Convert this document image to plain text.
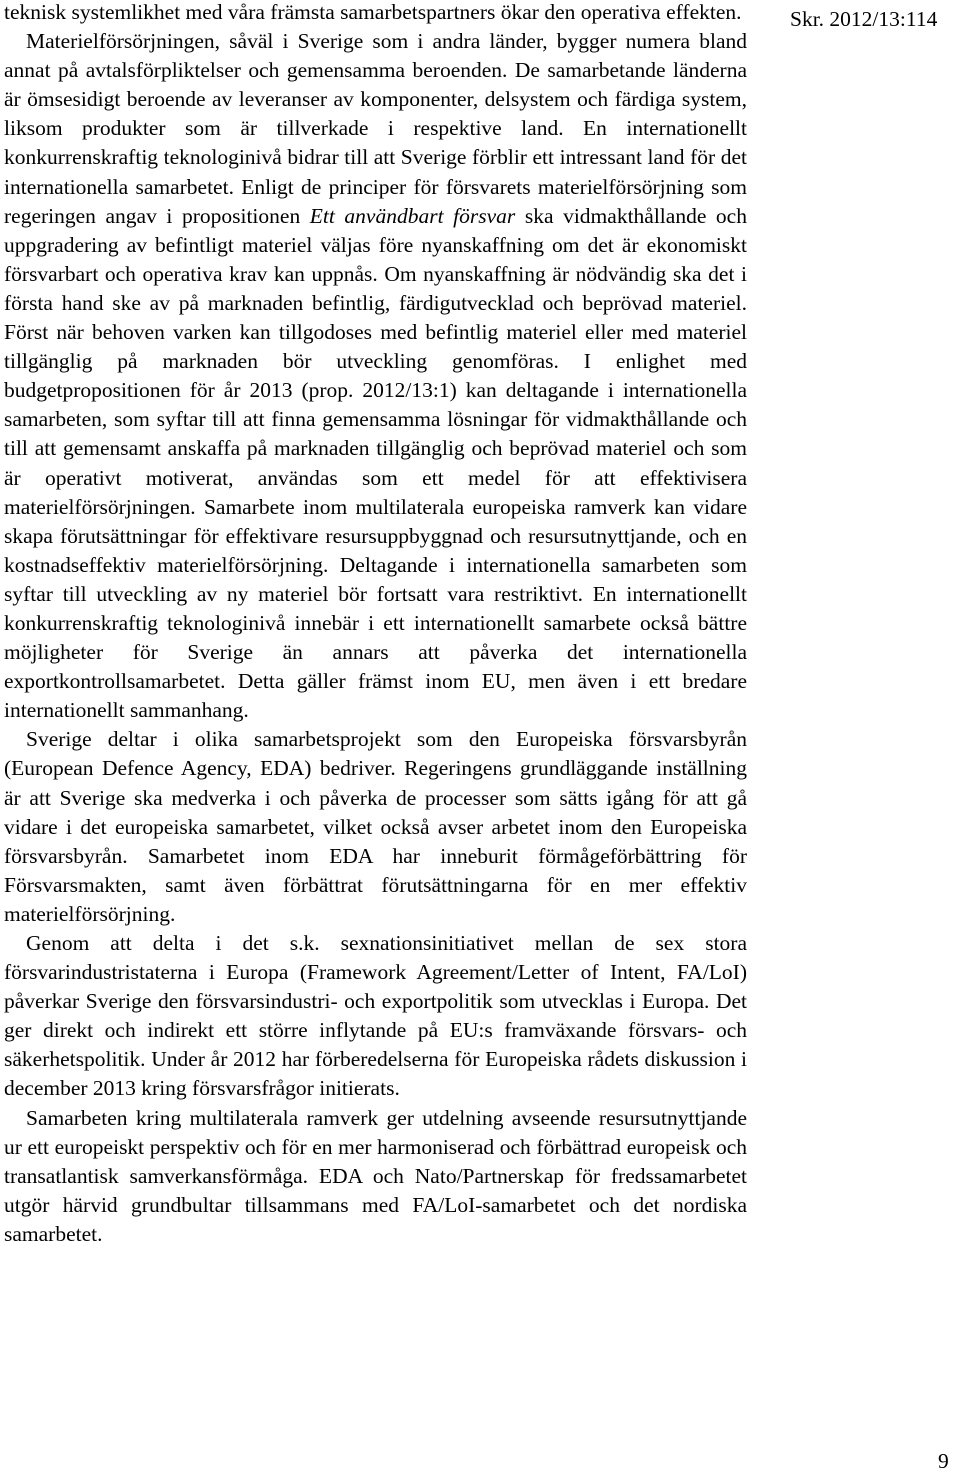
Skr. 2012/13:114

teknisk systemlikhet med våra främsta samarbetspartners ökar den operativa effekten.

Materielförsörjningen, såväl i Sverige som i andra länder, bygger numera bland annat på avtalsförpliktelser och gemensamma beroenden. De samarbetande länderna är ömsesidigt beroende av leveranser av komponenter, delsystem och färdiga system, liksom produkter som är tillverkade i respektive land. En internationellt konkurrenskraftig teknologinivå bidrar till att Sverige förblir ett intressant land för det internationella samarbetet. Enligt de principer för försvarets materielförsörjning som regeringen angav i propositionen Ett användbart försvar ska vidmakthållande och uppgradering av befintligt materiel väljas före nyanskaffning om det är ekonomiskt försvarbart och operativa krav kan uppnås. Om nyanskaffning är nödvändig ska det i första hand ske av på marknaden befintlig, färdigutvecklad och beprövad materiel. Först när behoven varken kan tillgodoses med befintlig materiel eller med materiel tillgänglig på marknaden bör utveckling genomföras. I enlighet med budgetpropositionen för år 2013 (prop. 2012/13:1) kan deltagande i internationella samarbeten, som syftar till att finna gemensamma lösningar för vidmakthållande och till att gemensamt anskaffa på marknaden tillgänglig och beprövad materiel och som är operativt motiverat, användas som ett medel för att effektivisera materielförsörjningen. Samarbete inom multilaterala europeiska ramverk kan vidare skapa förutsättningar för effektivare resursuppbyggnad och resursutnyttjande, och en kostnadseffektiv materielförsörjning. Deltagande i internationella samarbeten som syftar till utveckling av ny materiel bör fortsatt vara restriktivt. En internationellt konkurrenskraftig teknologinivå innebär i ett internationellt samarbete också bättre möjligheter för Sverige än annars att påverka det internationella exportkontrollsamarbetet. Detta gäller främst inom EU, men även i ett bredare internationellt sammanhang.

Sverige deltar i olika samarbetsprojekt som den Europeiska försvarsbyrån (European Defence Agency, EDA) bedriver. Regeringens grundläggande inställning är att Sverige ska medverka i och påverka de processer som sätts igång för att gå vidare i det europeiska samarbetet, vilket också avser arbetet inom den Europeiska försvarsbyrån. Samarbetet inom EDA har inneburit förmågeförbättring för Försvarsmakten, samt även förbättrat förutsättningarna för en mer effektiv materielförsörjning.

Genom att delta i det s.k. sexnationsinitiativet mellan de sex stora försvarindustristaterna i Europa (Framework Agreement/Letter of Intent, FA/LoI) påverkar Sverige den försvarsindustri- och exportpolitik som utvecklas i Europa. Det ger direkt och indirekt ett större inflytande på EU:s framväxande försvars- och säkerhetspolitik. Under år 2012 har förberedelserna för Europeiska rådets diskussion i december 2013 kring försvarsfrågor initierats.

Samarbeten kring multilaterala ramverk ger utdelning avseende resursutnyttjande ur ett europeiskt perspektiv och för en mer harmoniserad och förbättrad europeisk och transatlantisk samverkansförmåga. EDA och Nato/Partnerskap för fredssamarbetet utgör härvid grundbultar tillsammans med FA/LoI-samarbetet och det nordiska samarbetet.

9
